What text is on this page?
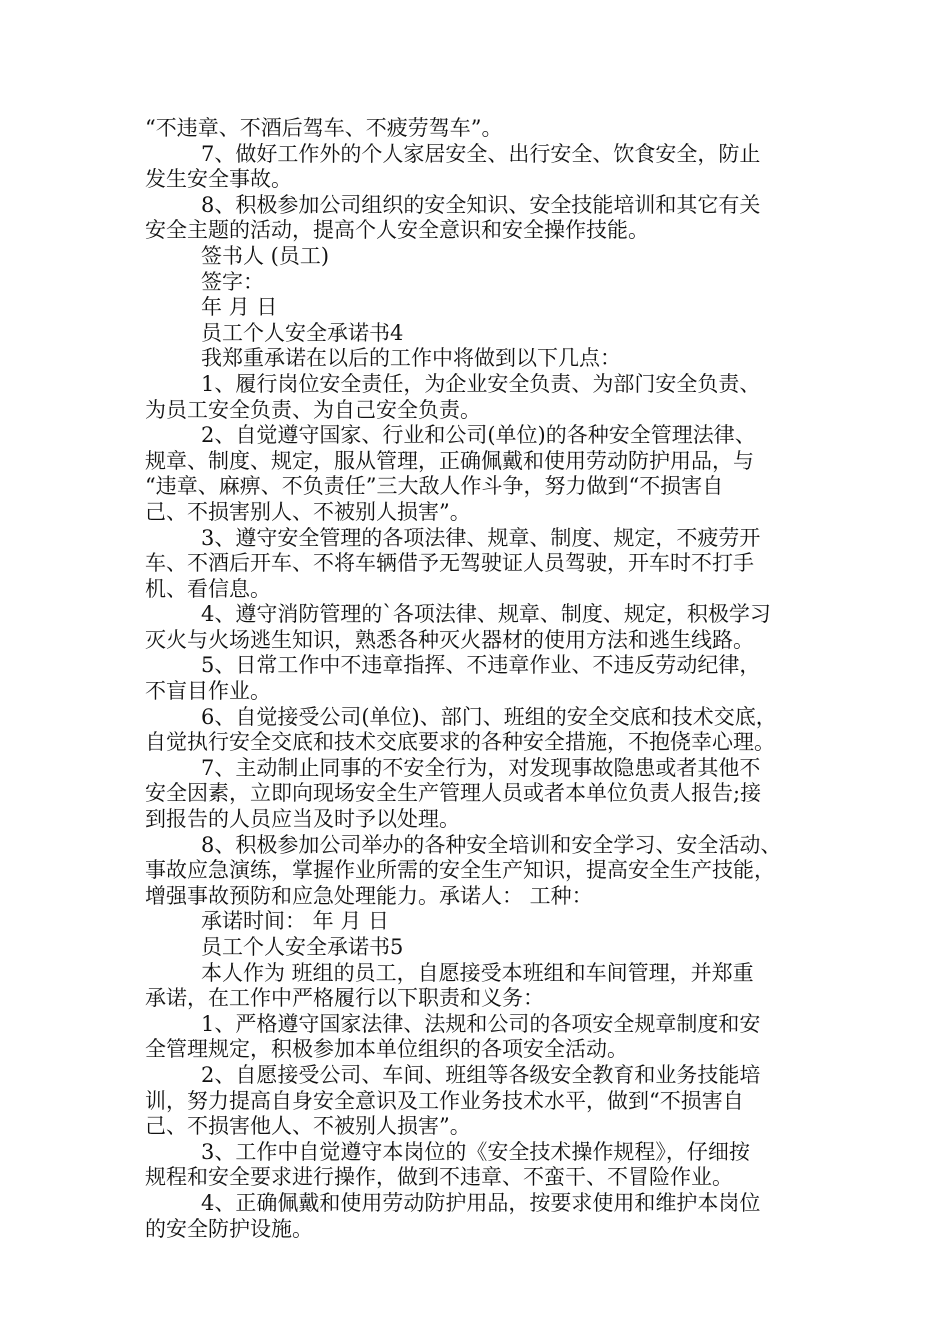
“不违章、不酒后驾车、不疲劳驾车”。
7、做好工作外的个人家居安全、出行安全、饮食安全，防止
发生安全事故。
8、积极参加公司组织的安全知识、安全技能培训和其它有关
安全主题的活动，提高个人安全意识和安全操作技能。
签书人 (员工)
签字：
年 月 日
员工个人安全承诺书4
我郑重承诺在以后的工作中将做到以下几点：
1、履行岗位安全责任，为企业安全负责、为部门安全负责、
为员工安全负责、为自己安全负责。
2、自觉遵守国家、行业和公司(单位)的各种安全管理法律、
规章、制度、规定，服从管理，正确佩戴和使用劳动防护用品，与
“违章、麻痹、不负责任”三大敌人作斗争，努力做到“不损害自
己、不损害别人、不被别人损害”。
3、遵守安全管理的各项法律、规章、制度、规定，不疲劳开
车、不酒后开车、不将车辆借予无驾驶证人员驾驶，开车时不打手
机、看信息。
4、遵守消防管理的`各项法律、规章、制度、规定，积极学习
灭火与火场逃生知识，熟悉各种灭火器材的使用方法和逃生线路。
5、日常工作中不违章指挥、不违章作业、不违反劳动纪律，
不盲目作业。
6、自觉接受公司(单位)、部门、班组的安全交底和技术交底，
自觉执行安全交底和技术交底要求的各种安全措施，不抱侥幸心理。
7、主动制止同事的不安全行为，对发现事故隐患或者其他不
安全因素，立即向现场安全生产管理人员或者本单位负责人报告;接
到报告的人员应当及时予以处理。
8、积极参加公司举办的各种安全培训和安全学习、安全活动、
事故应急演练，掌握作业所需的安全生产知识，提高安全生产技能，
增强事故预防和应急处理能力。承诺人： 工种：
承诺时间： 年 月 日
员工个人安全承诺书5
本人作为 班组的员工，自愿接受本班组和车间管理，并郑重
承诺，在工作中严格履行以下职责和义务：
1、严格遵守国家法律、法规和公司的各项安全规章制度和安
全管理规定，积极参加本单位组织的各项安全活动。
2、自愿接受公司、车间、班组等各级安全教育和业务技能培
训，努力提高自身安全意识及工作业务技术水平，做到“不损害自
己、不损害他人、不被别人损害”。
3、工作中自觉遵守本岗位的《安全技术操作规程》，仔细按
规程和安全要求进行操作，做到不违章、不蛮干、不冒险作业。
4、正确佩戴和使用劳动防护用品，按要求使用和维护本岗位
的安全防护设施。
